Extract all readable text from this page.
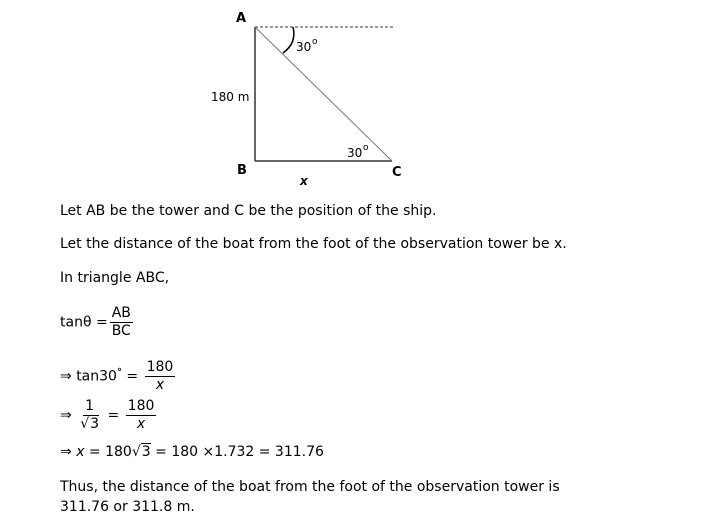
A
B	C
30 o
30 o
180 m
x
Let AB be the tower and C be the position of the ship.
Let the distance of the boat from the foot of the observation tower be x.
In triangle ABC,
$\tan\theta = \frac{AB}{BC}$
⇒ $\tan 30^\circ = \frac{180}{x}$
⇒ $\frac{1}{√3} = \frac{180}{x}$
⇒ x = 180√3 = 180 ×1.732 = 311.76
Thus, the distance of the boat from the foot of the observation tower is
311.76 or 311.8 m.
